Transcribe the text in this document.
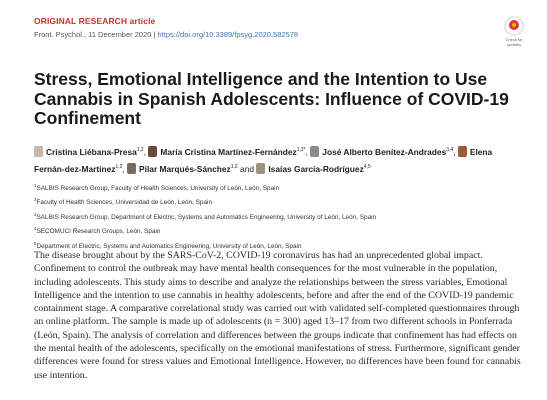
ORIGINAL RESEARCH article
Front. Psychol., 11 December 2020 | https://doi.org/10.3389/fpsyg.2020.582578
Check for updates
Stress, Emotional Intelligence and the Intention to Use Cannabis in Spanish Adolescents: Influence of COVID-19 Confinement
Cristina Liébana-Presa$^{1,2}$, María Cristina Martínez-Fernández$^{1,2*}$, José Alberto Benítez-Andrades$^{3,4}$, Elena Fernán-dez-Martínez$^{1,2}$, Pilar Marqués-Sánchez$^{1,2}$ and Isaías García-Rodríguez$^{4,5}$
$^1$SALBIS Research Group, Faculty of Health Sciences, University of León, León, Spain
$^2$Faculty of Health Sciences, Universidad de León, León, Spain
$^3$SALBIS Research Group, Department of Electric, Systems and Automatics Engineering, University of León, León, Spain
$^4$SECOMUCI Research Groups, León, Spain
$^5$Department of Electric, Systems and Automatics Engineering, University of León, León, Spain

The disease brought about by the SARS-CoV-2, COVID-19 coronavirus has had an unprecedented global impact. Confinement to control the outbreak may have mental health consequences for the most vulnerable in the population, including adolescents. This study aims to describe and analyze the relationships between the stress variables, Emotional Intelligence and the intention to use cannabis in healthy adolescents, before and after the end of the COVID-19 pandemic containment stage. A comparative correlational study was carried out with validated self-completed questionnaires through an online platform. The sample is made up of adolescents (n = 300) aged 13–17 from two different schools in Ponferrada (León, Spain). The analysis of correlation and differences between the groups indicate that confinement has had effects on the mental health of the adolescents, specifically on the emotional manifestations of stress. Furthermore, significant gender differences were found for stress values and Emotional Intelligence. However, no differences have been found for cannabis use intention.
